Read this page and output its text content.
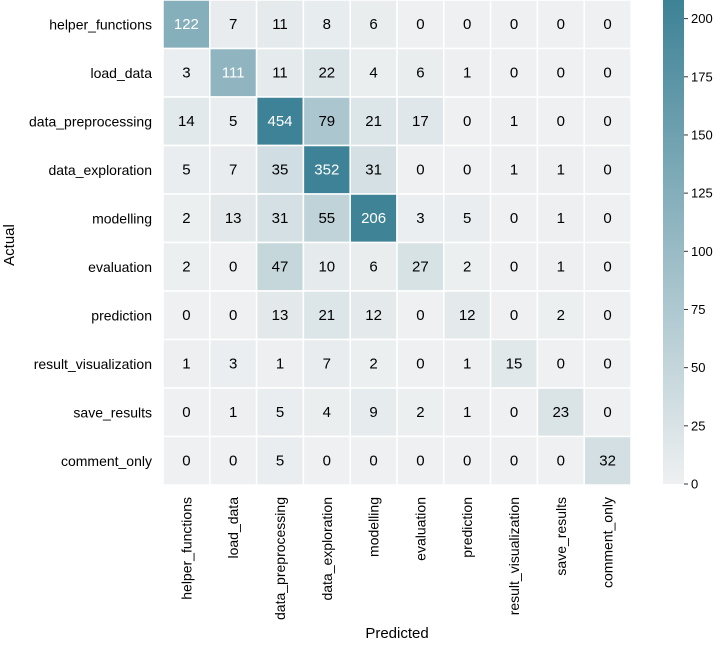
122 7 11 8	6	0	0	0	0	0
3 111 11 22 4	6	1	0	0	0
14 5 454 79 21 17 0	1	0	0
5	7 35 352 31 0	0	1	1	0
2 13 31 55 206 3	5	0	1	0
2	0 47 10 6 27 2	0	1	0
0	0 13 21 12 0 12 0	2	0
1	3	1	7	2	0	1 15 0	0
0	1	5	4	9	2	1	0 23 0
0	0	5	0	0	0	0	0	0 32
helper_functions
load_data
data_preprocessing
data_exploration
modelling
evaluation
prediction
result_visualization
save_results
comment_only
helper_functions load_data data_preprocessing data_exploration modelling evaluation prediction result_visualization save_results comment_only
Predicted
Actual
0
25
50
75
100
125
150
175
200
